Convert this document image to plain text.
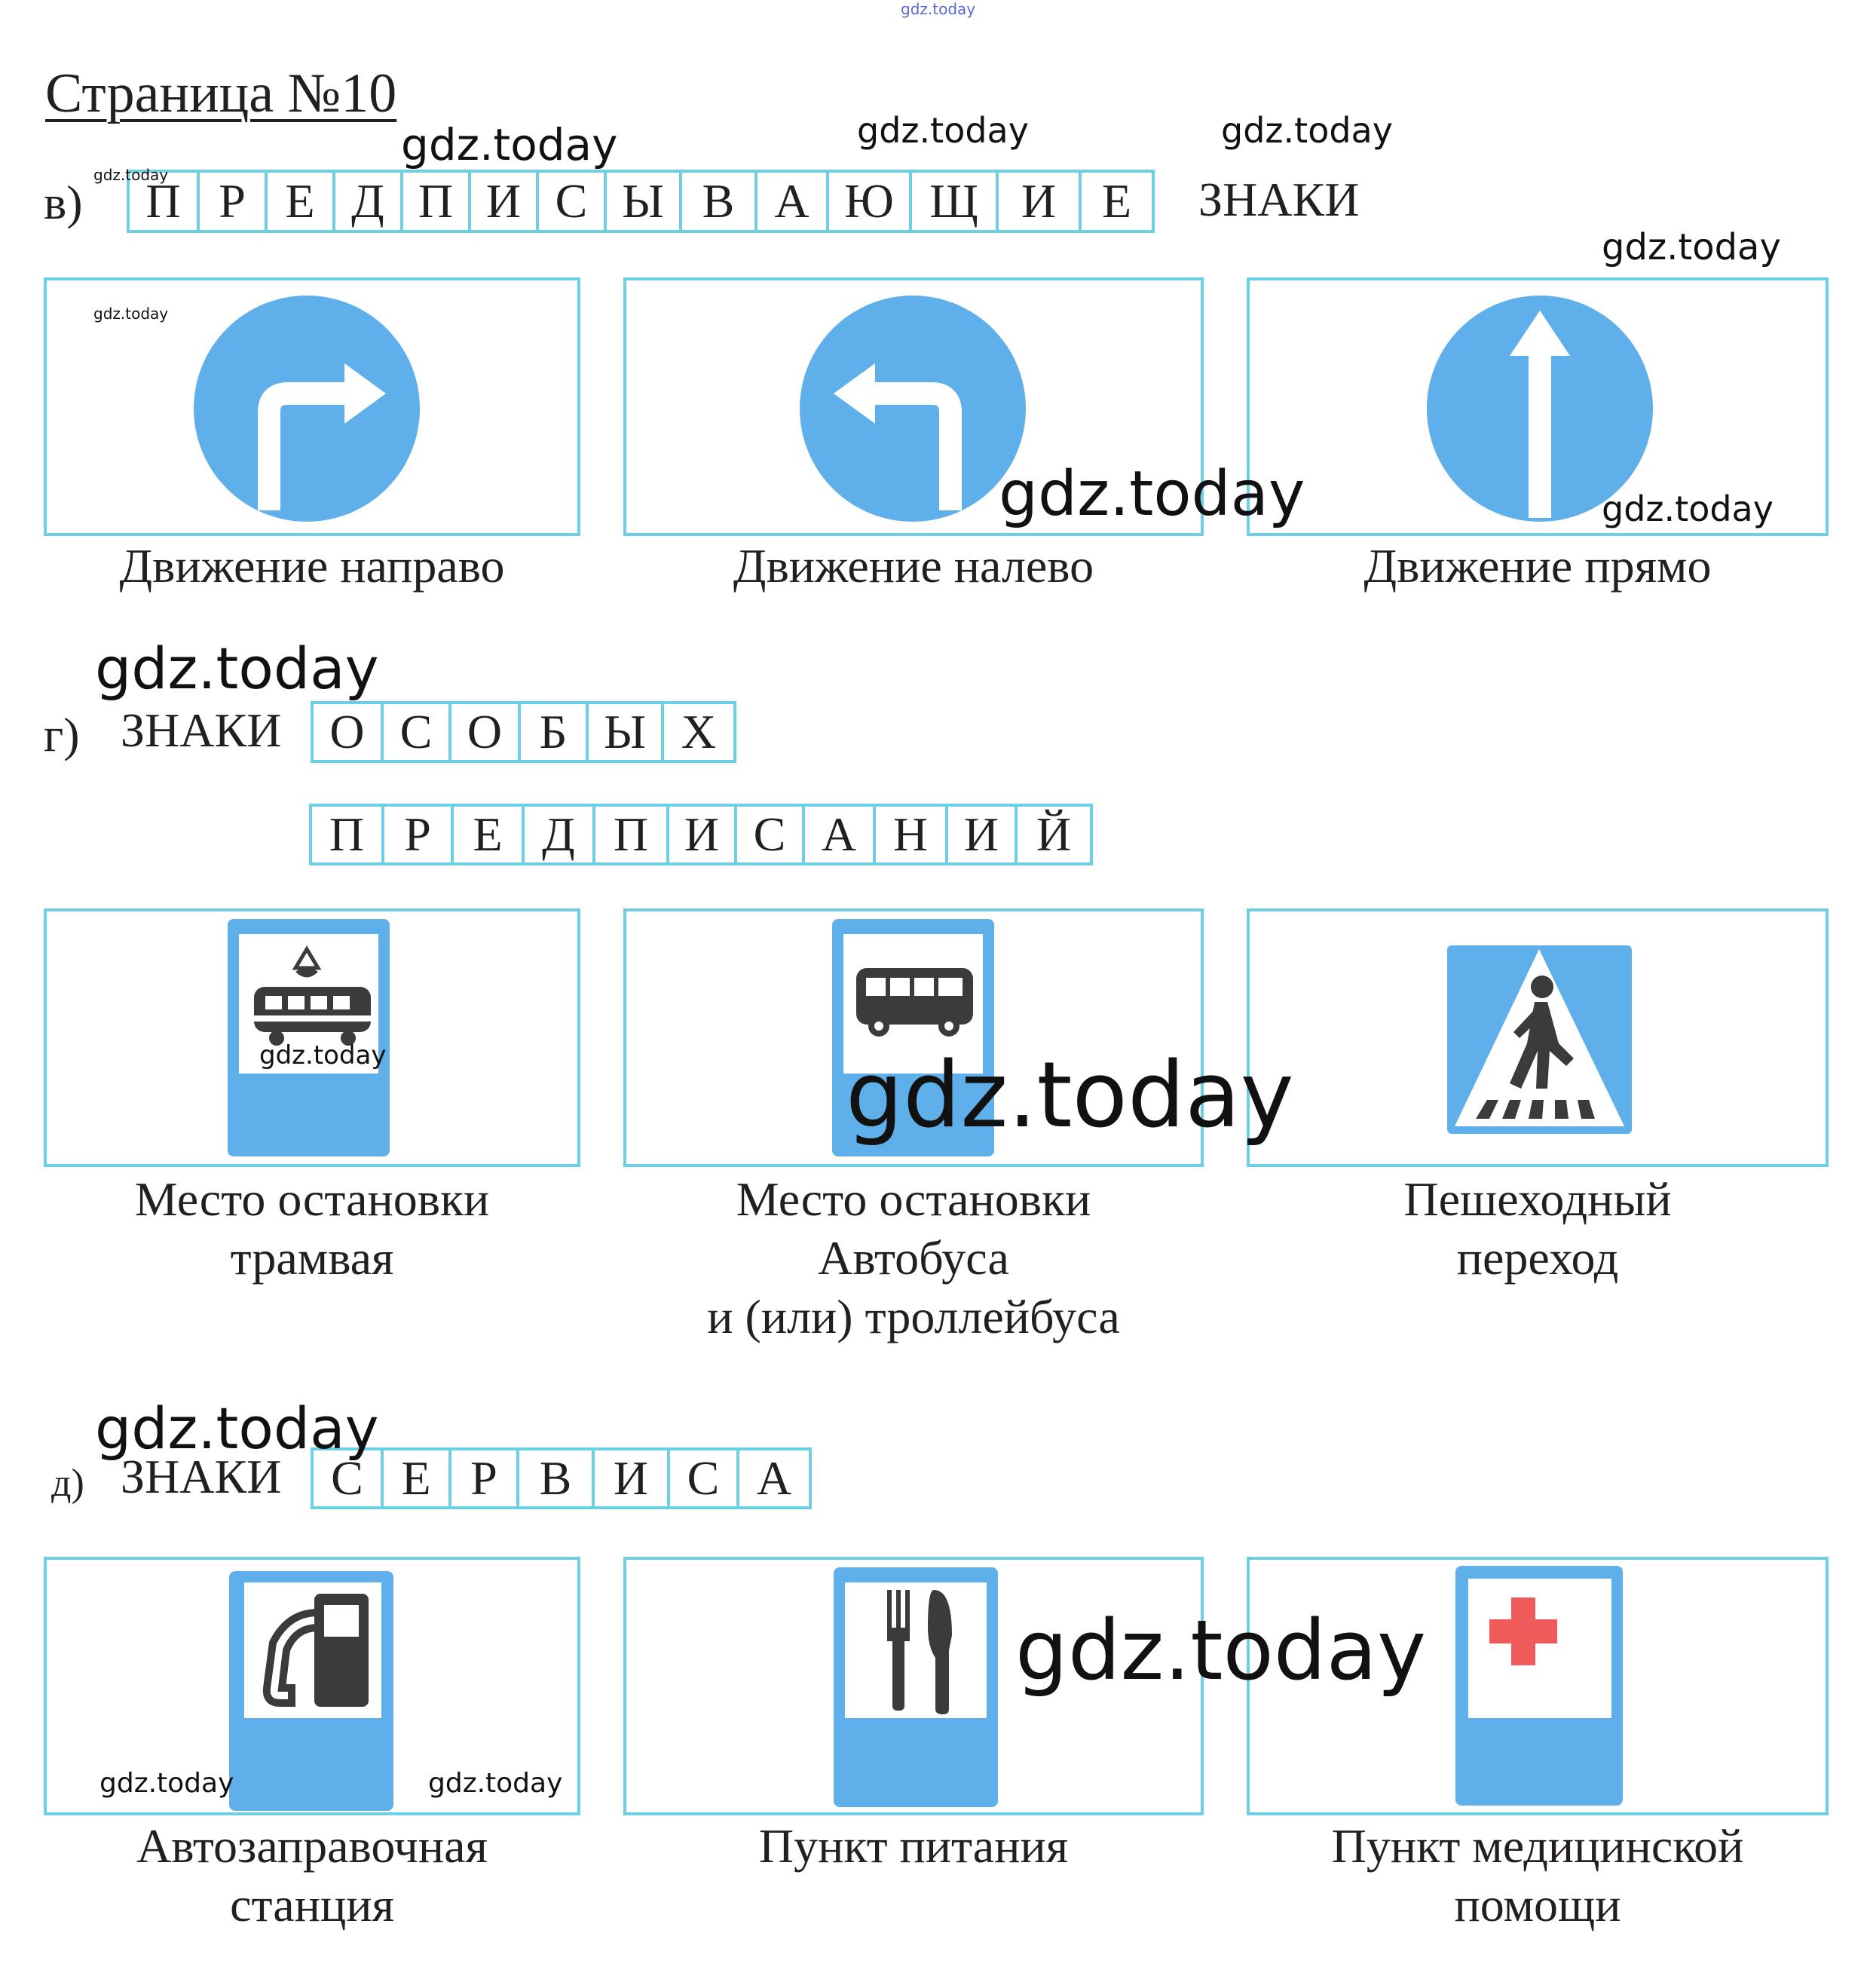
gdz.today
Страница №10
в)	П Р Е Д П И С Ы В А Ю Щ И Е	ЗНАКИ
Движение направо	Движение налево	Движение прямо
г) ЗНАКИ О С О Б Ы Х
П Р Е Д П И С А Н И Й
Место остановки
трамвая
Место остановки
Автобуса
и (или) троллейбуса
Пешеходный
переход
д) ЗНАКИ	С Е Р В И С А
Автозаправочная
станция
Пункт питания	Пункт медицинской
помощи
gdz.today	gdz.today	gdz.today
gdz.today
gdz.today
gdz.today
gdz.today	gdz.today
gdz.today
gdz.today	gdz.today
gdz.today
gdz.today
gdz.today	gdz.today
